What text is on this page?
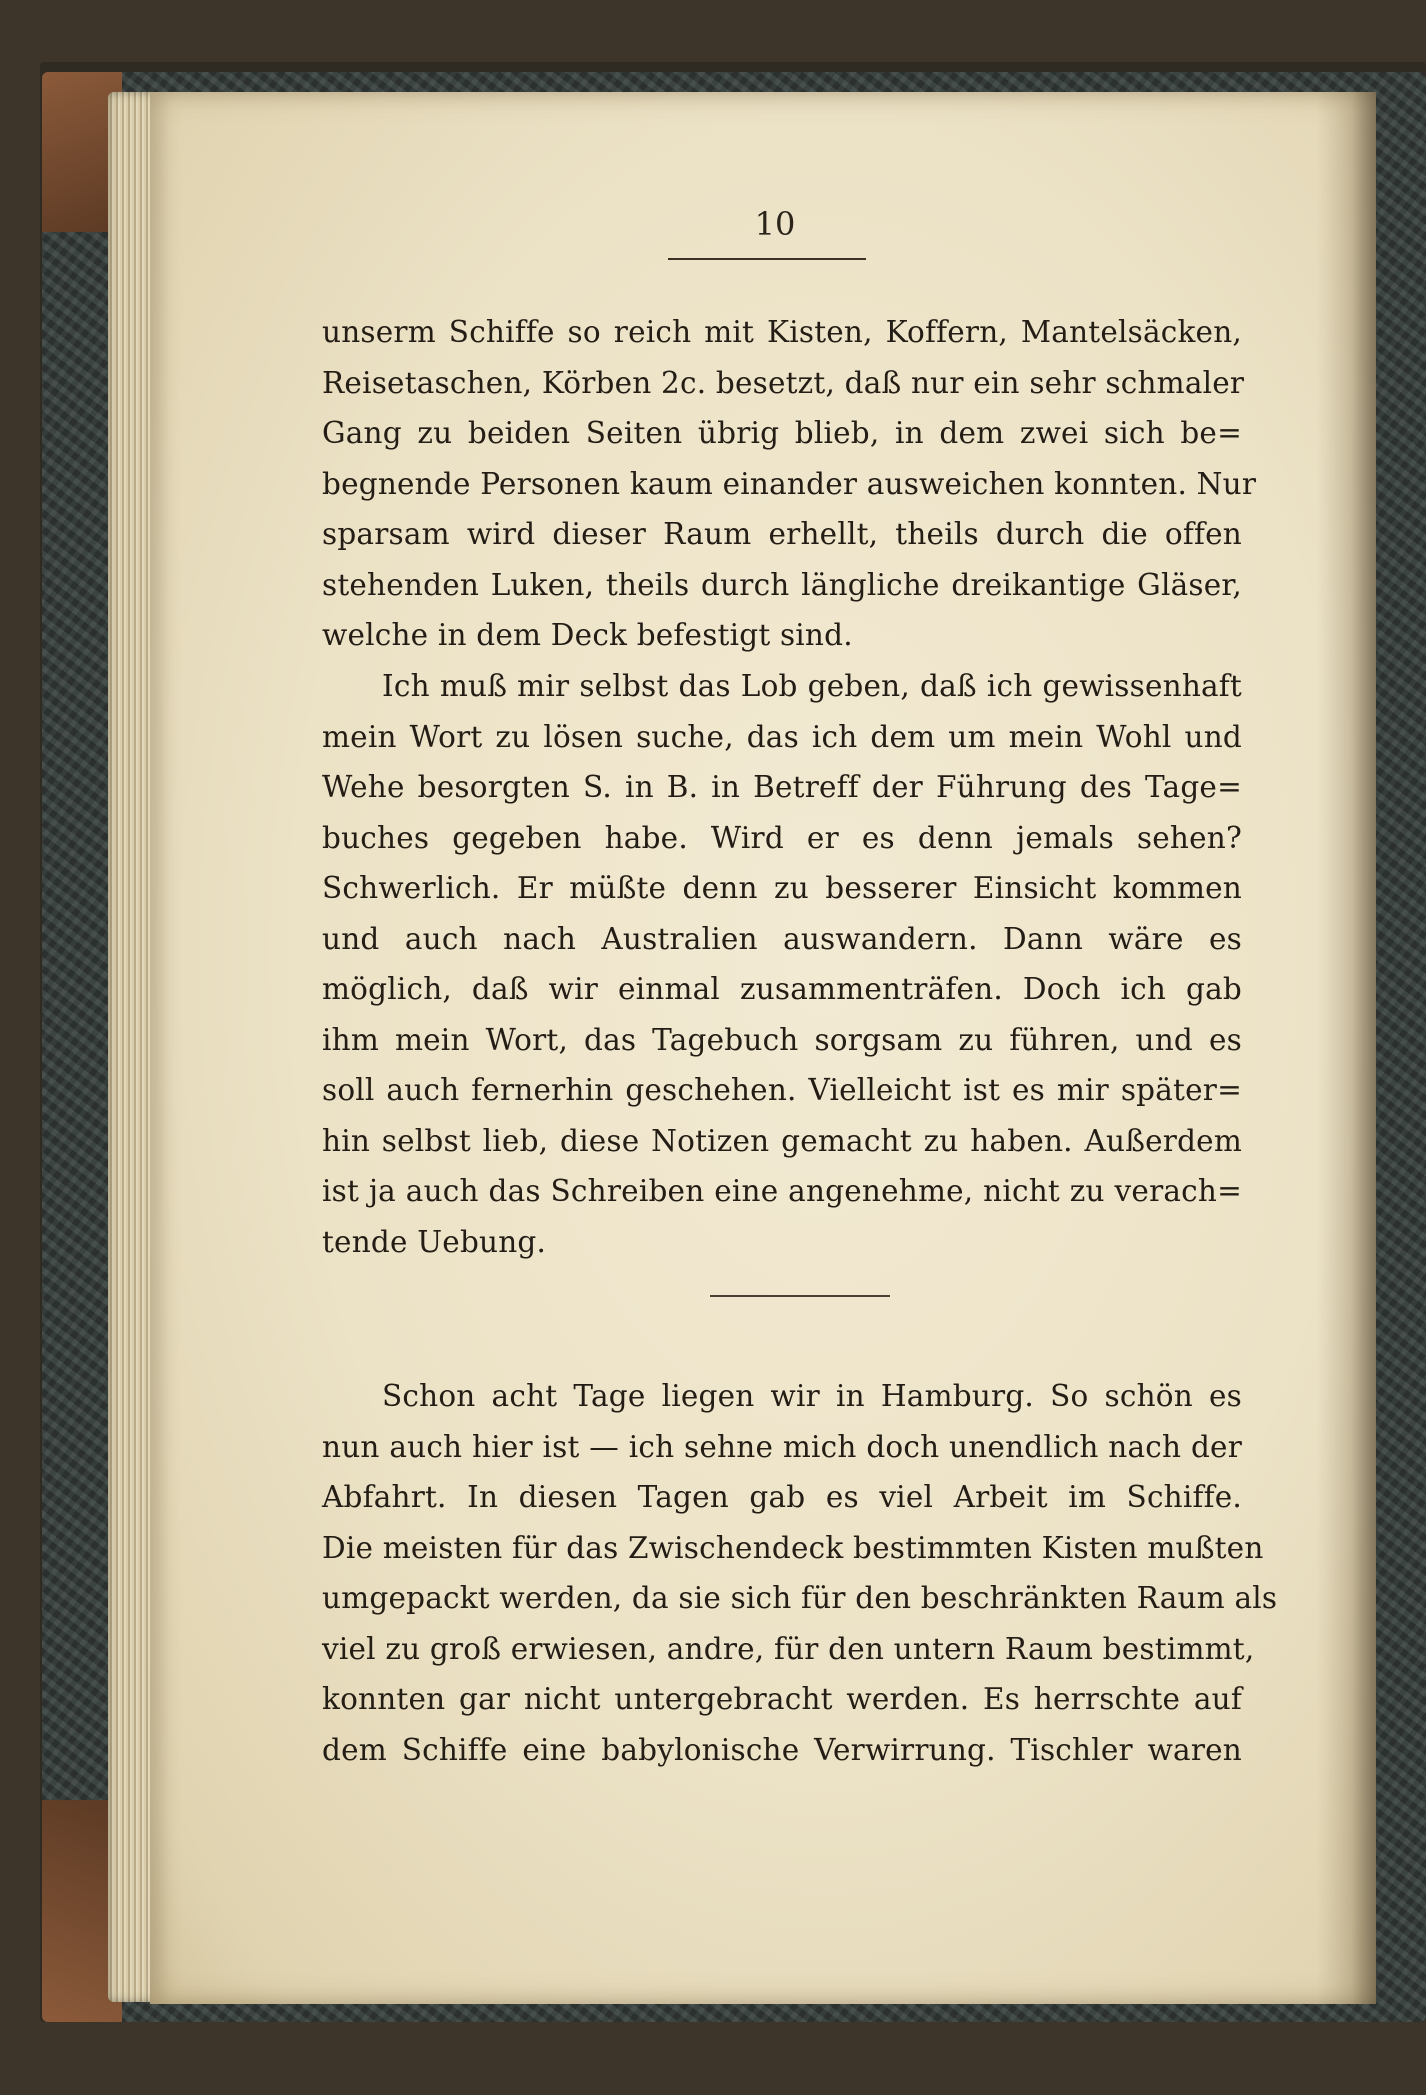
10
unserm Schiffe so reich mit Kisten, Koffern, Mantelsäcken,
Reisetaschen, Körben 2c. besetzt, daß nur ein sehr schmaler
Gang zu beiden Seiten übrig blieb, in dem zwei sich be=
begnende Personen kaum einander ausweichen konnten. Nur
sparsam wird dieser Raum erhellt, theils durch die offen
stehenden Luken, theils durch längliche dreikantige Gläser,
welche in dem Deck befestigt sind.
Ich muß mir selbst das Lob geben, daß ich gewissenhaft
mein Wort zu lösen suche, das ich dem um mein Wohl und
Wehe besorgten S. in B. in Betreff der Führung des Tage=
buches gegeben habe. Wird er es denn jemals sehen?
Schwerlich. Er müßte denn zu besserer Einsicht kommen
und auch nach Australien auswandern. Dann wäre es
möglich, daß wir einmal zusammenträfen. Doch ich gab
ihm mein Wort, das Tagebuch sorgsam zu führen, und es
soll auch fernerhin geschehen. Vielleicht ist es mir später=
hin selbst lieb, diese Notizen gemacht zu haben. Außerdem
ist ja auch das Schreiben eine angenehme, nicht zu verach=
tende Uebung.
Schon acht Tage liegen wir in Hamburg. So schön es
nun auch hier ist — ich sehne mich doch unendlich nach der
Abfahrt. In diesen Tagen gab es viel Arbeit im Schiffe.
Die meisten für das Zwischendeck bestimmten Kisten mußten
umgepackt werden, da sie sich für den beschränkten Raum als
viel zu groß erwiesen, andre, für den untern Raum bestimmt,
konnten gar nicht untergebracht werden. Es herrschte auf
dem Schiffe eine babylonische Verwirrung. Tischler waren
